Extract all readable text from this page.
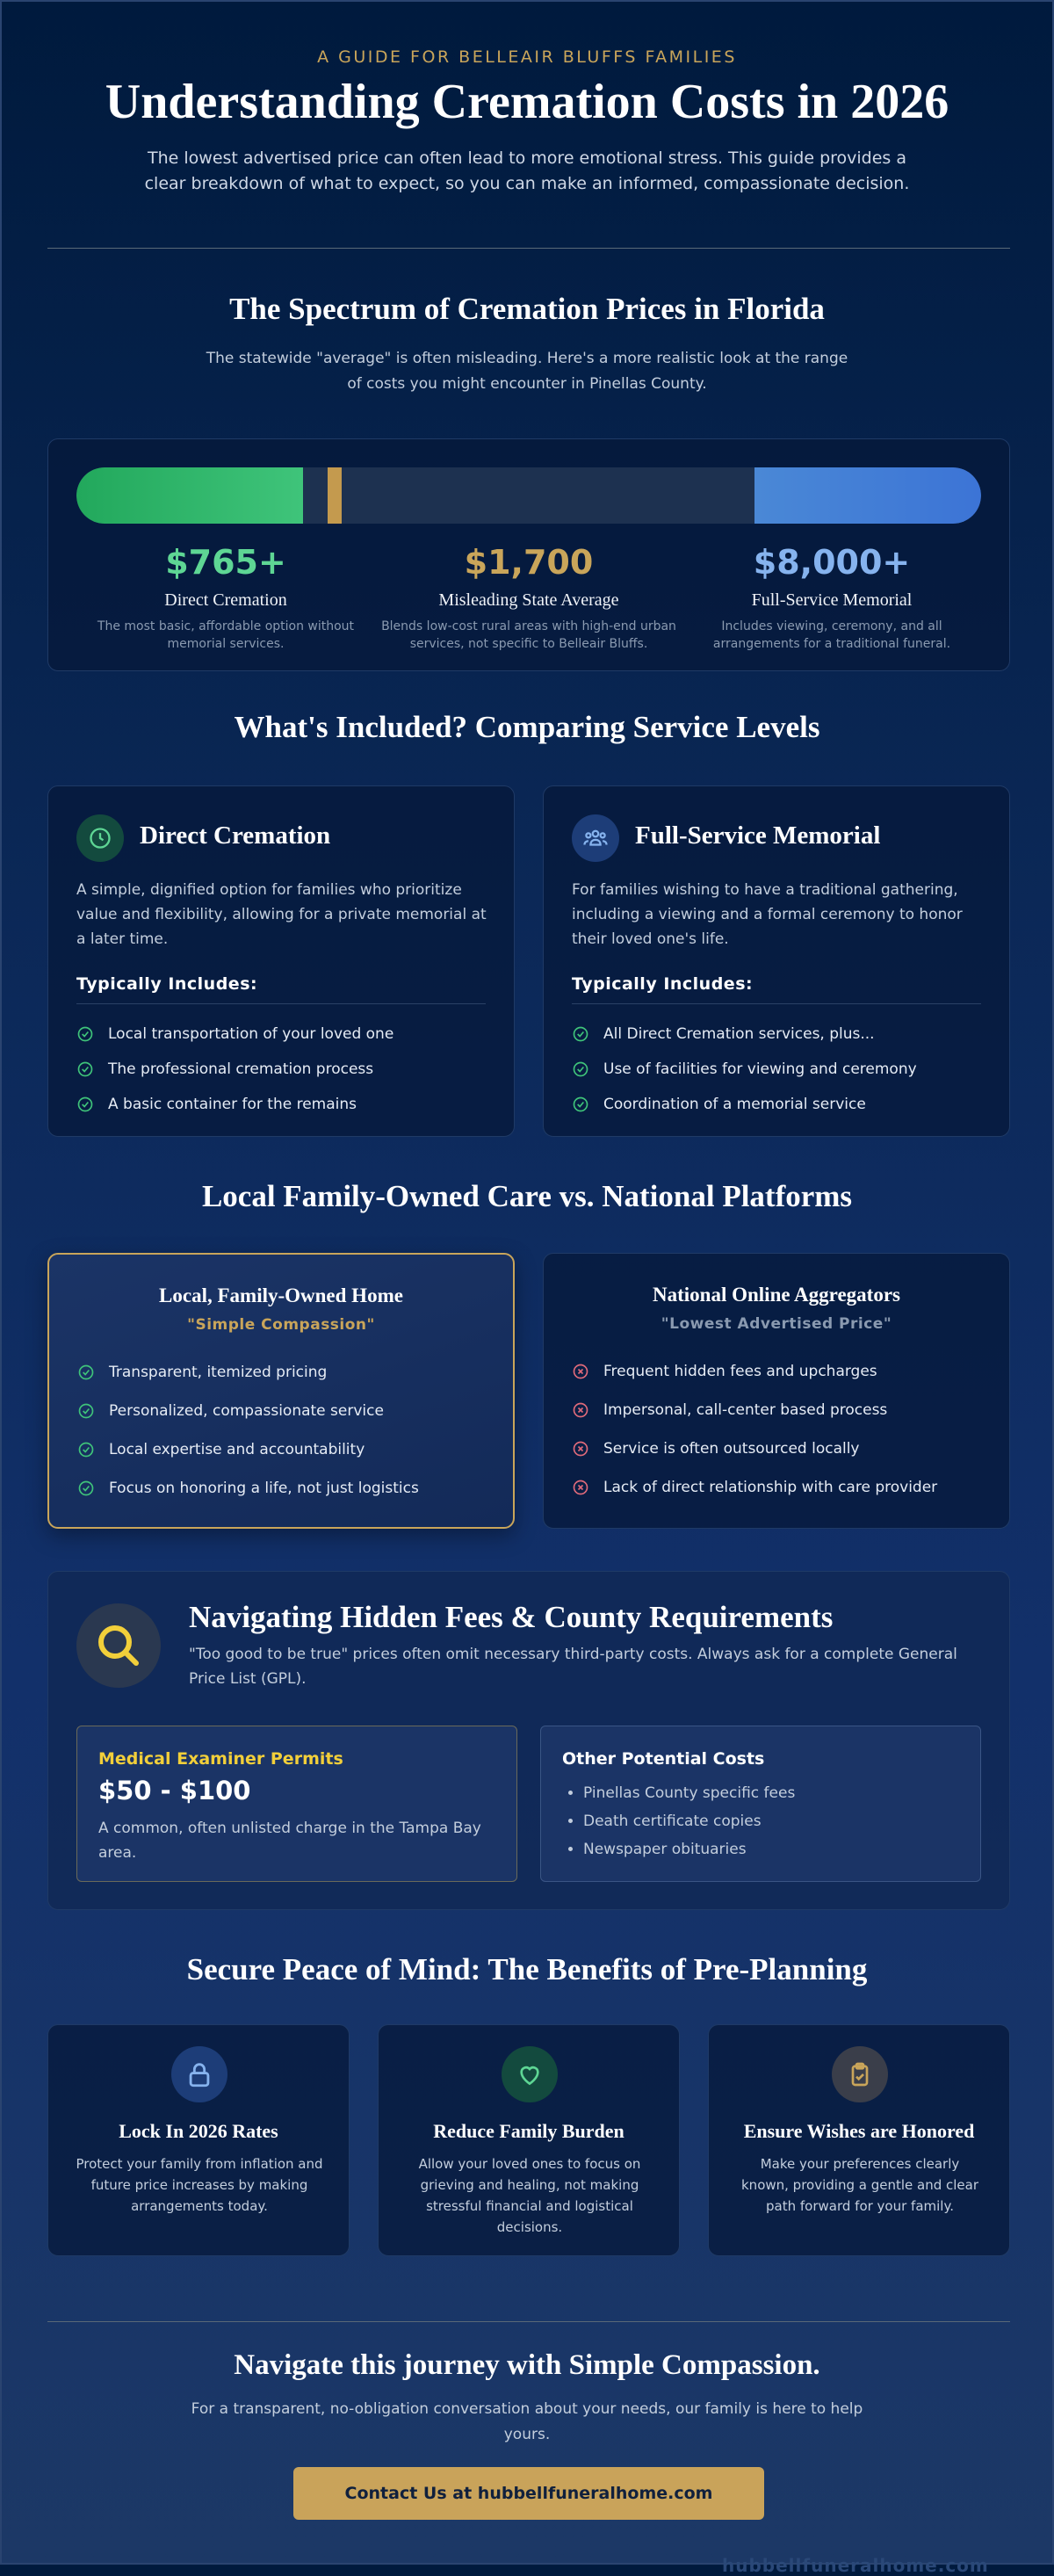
A GUIDE FOR BELLEAIR BLUFFS FAMILIES
Understanding Cremation Costs in 2026

The lowest advertised price can often lead to more emotional stress. This guide provides a clear breakdown of what to expect, so you can make an informed, compassionate decision.

The Spectrum of Cremation Prices in Florida

The statewide "average" is often misleading. Here's a more realistic look at the range of costs you might encounter in Pinellas County.

$765+
Direct Cremation
The most basic, affordable option without memorial services.
$1,700
Misleading State Average
Blends low-cost rural areas with high-end urban services, not specific to Belleair Bluffs.
$8,000+
Full-Service Memorial
Includes viewing, ceremony, and all arrangements for a traditional funeral.
What's Included? Comparing Service Levels
Direct Cremation

A simple, dignified option for families who prioritize value and flexibility, allowing for a private memorial at a later time.

Typically Includes:
Local transportation of your loved one
The professional cremation process
A basic container for the remains
Full-Service Memorial

For families wishing to have a traditional gathering, including a viewing and a formal ceremony to honor their loved one's life.

Typically Includes:
All Direct Cremation services, plus...
Use of facilities for viewing and ceremony
Coordination of a memorial service
Local Family-Owned Care vs. National Platforms
Local, Family-Owned Home
"Simple Compassion"
Transparent, itemized pricing
Personalized, compassionate service
Local expertise and accountability
Focus on honoring a life, not just logistics
National Online Aggregators
"Lowest Advertised Price"
Frequent hidden fees and upcharges
Impersonal, call-center based process
Service is often outsourced locally
Lack of direct relationship with care provider
Navigating Hidden Fees & County Requirements

"Too good to be true" prices often omit necessary third-party costs. Always ask for a complete General Price List (GPL).

Medical Examiner Permits
$50 - $100
A common, often unlisted charge in the Tampa Bay area.
Other Potential Costs
• Pinellas County specific fees
• Death certificate copies
• Newspaper obituaries
Secure Peace of Mind: The Benefits of Pre-Planning
Lock In 2026 Rates

Protect your family from inflation and future price increases by making arrangements today.

Reduce Family Burden

Allow your loved ones to focus on grieving and healing, not making stressful financial and logistical decisions.

Ensure Wishes are Honored

Make your preferences clearly known, providing a gentle and clear path forward for your family.

Navigate this journey with Simple Compassion.

For a transparent, no-obligation conversation about your needs, our family is here to help yours.

Contact Us at hubbellfuneralhome.com
hubbellfuneralhome.com
